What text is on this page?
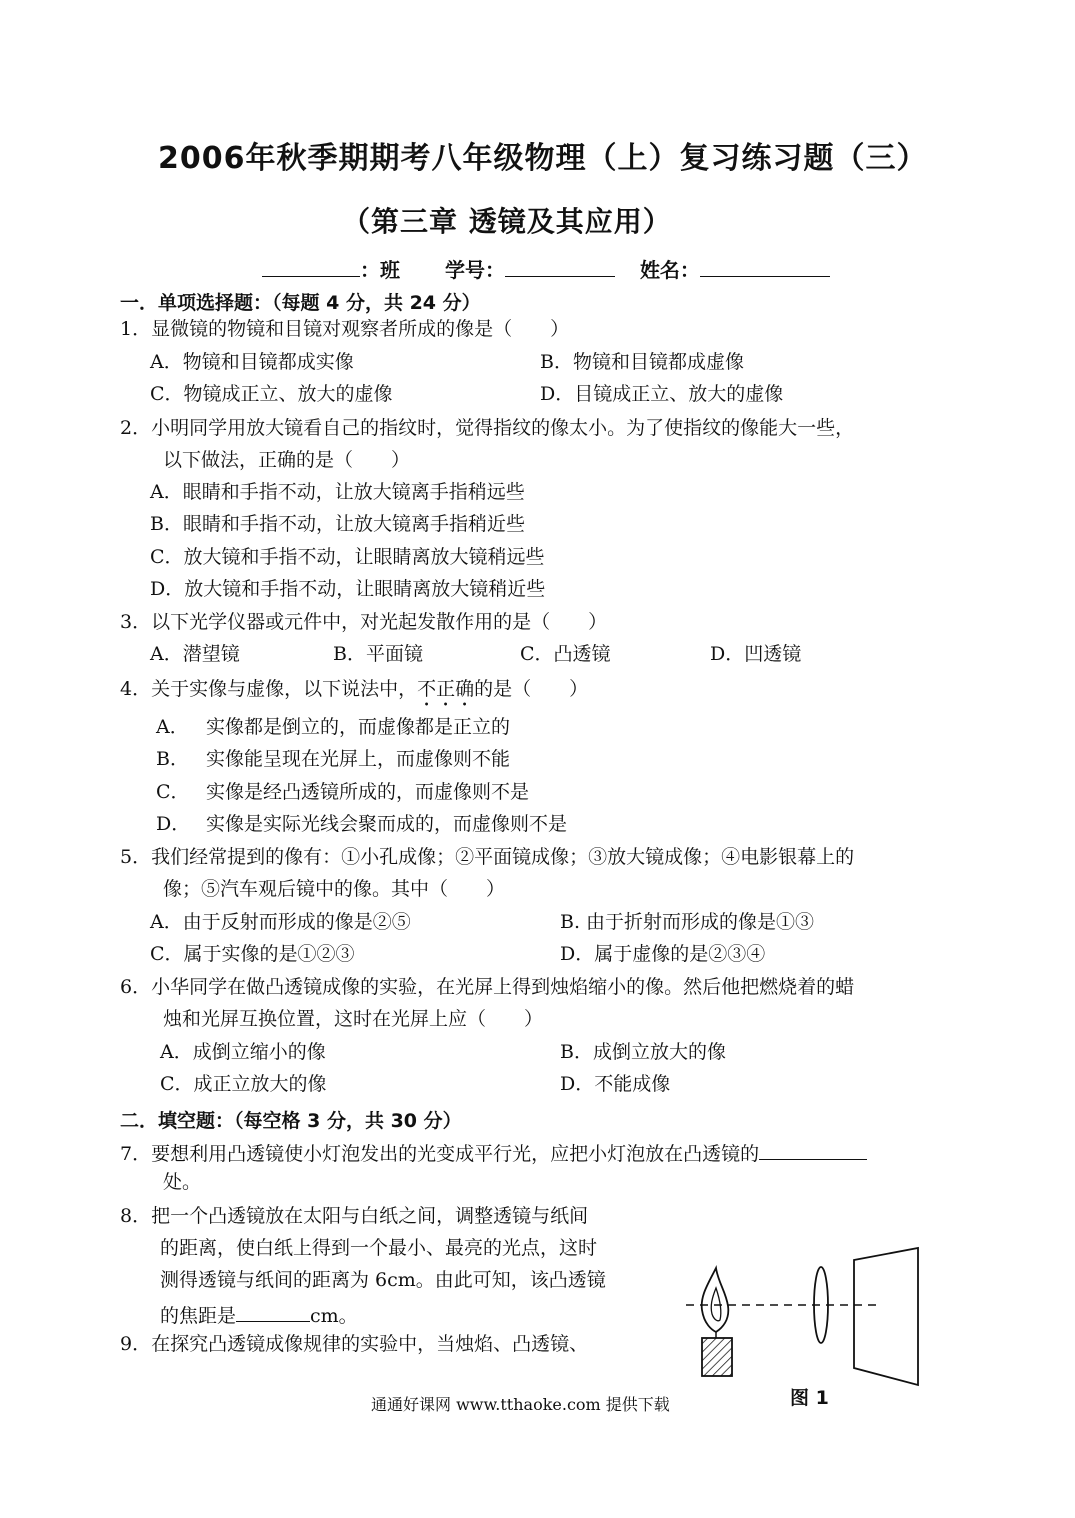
2006年秋季期期考八年级物理（上）复习练习题（三）
（第三章 透镜及其应用）
：班 学号：	姓名：
一．单项选择题：（每题 4 分，共 24 分）
1．显微镜的物镜和目镜对观察者所成的像是（　　）
A．物镜和目镜都成实像	B．物镜和目镜都成虚像
C．物镜成正立、放大的虚像	D．目镜成正立、放大的虚像
2．小明同学用放大镜看自己的指纹时，觉得指纹的像太小。为了使指纹的像能大一些，
以下做法，正确的是（　　）
A．眼睛和手指不动，让放大镜离手指稍远些
B．眼睛和手指不动，让放大镜离手指稍近些
C．放大镜和手指不动，让眼睛离放大镜稍远些
D．放大镜和手指不动，让眼睛离放大镜稍近些
3．以下光学仪器或元件中，对光起发散作用的是（　　）
A．潜望镜	B．平面镜	C．凸透镜	D．凹透镜
4．关于实像与虚像，以下说法中，不正确的是（　　）
A． 实像都是倒立的，而虚像都是正立的
B． 实像能呈现在光屏上，而虚像则不能
C． 实像是经凸透镜所成的，而虚像则不是
D． 实像是实际光线会聚而成的，而虚像则不是
5．我们经常提到的像有：①小孔成像；②平面镜成像；③放大镜成像；④电影银幕上的
像；⑤汽车观后镜中的像。其中（　　）
A．由于反射而形成的像是②⑤	B. 由于折射而形成的像是①③
C．属于实像的是①②③	D．属于虚像的是②③④
6．小华同学在做凸透镜成像的实验，在光屏上得到烛焰缩小的像。然后他把燃烧着的蜡
烛和光屏互换位置，这时在光屏上应（　　）
A．成倒立缩小的像	B．成倒立放大的像
C．成正立放大的像	D．不能成像
二．填空题：（每空格 3 分，共 30 分）
7．要想利用凸透镜使小灯泡发出的光变成平行光，应把小灯泡放在凸透镜的
处。
8．把一个凸透镜放在太阳与白纸之间，调整透镜与纸间
的距离，使白纸上得到一个最小、最亮的光点，这时
测得透镜与纸间的距离为 6cm。由此可知，该凸透镜
的焦距是	cm。
9．在探究凸透镜成像规律的实验中，当烛焰、凸透镜、
图 1
通通好课网 www.tthaoke.com 提供下载
